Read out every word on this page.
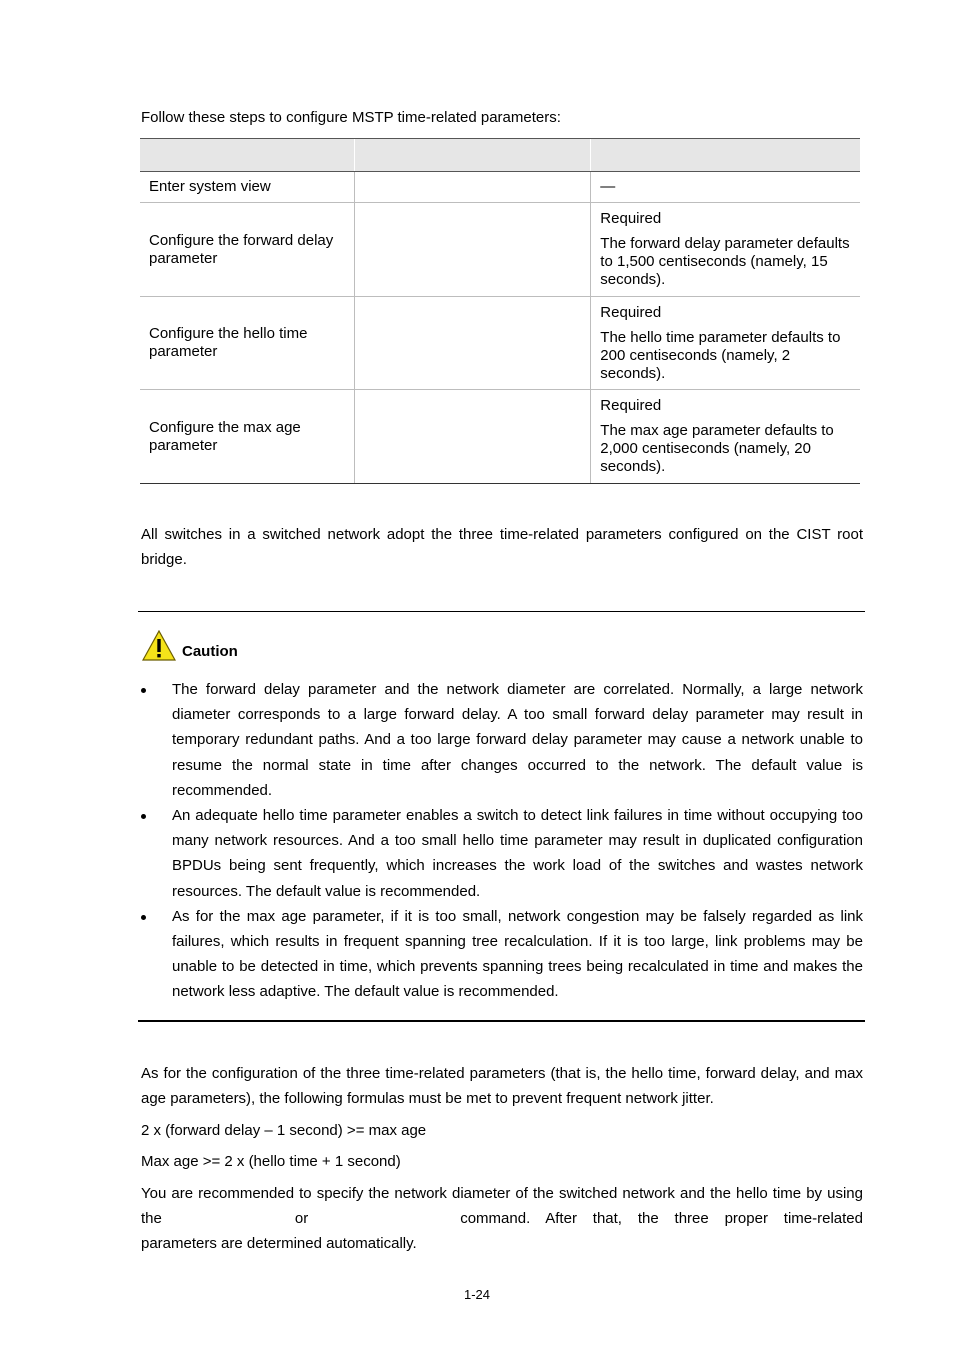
Follow these steps to configure MSTP time-related parameters:

Enter system view		—

Configure the forward delay parameter		Required

The forward delay parameter defaults to 1,500 centiseconds (namely, 15 seconds).

Configure the hello time parameter		Required

The hello time parameter defaults to 200 centiseconds (namely, 2 seconds).

Configure the max age parameter		Required

The max age parameter defaults to 2,000 centiseconds (namely, 20 seconds).

All switches in a switched network adopt the three time-related parameters configured on the CIST root bridge.
Caution
The forward delay parameter and the network diameter are correlated. Normally, a large network diameter corresponds to a large forward delay. A too small forward delay parameter may result in temporary redundant paths. And a too large forward delay parameter may cause a network unable to resume the normal state in time after changes occurred to the network. The default value is recommended.
An adequate hello time parameter enables a switch to detect link failures in time without occupying too many network resources. And a too small hello time parameter may result in duplicated configuration BPDUs being sent frequently, which increases the work load of the switches and wastes network resources. The default value is recommended.
As for the max age parameter, if it is too small, network congestion may be falsely regarded as link failures, which results in frequent spanning tree recalculation. If it is too large, link problems may be unable to be detected in time, which prevents spanning trees being recalculated in time and makes the network less adaptive. The default value is recommended.
As for the configuration of the three time-related parameters (that is, the hello time, forward delay, and max age parameters), the following formulas must be met to prevent frequent network jitter.
2 x (forward delay – 1 second) >= max age
Max age >= 2 x (hello time + 1 second)
You are recommended to specify the network diameter of the switched network and the hello time by using the	or	command. After that, the three proper time-related parameters are determined automatically.
1-24
